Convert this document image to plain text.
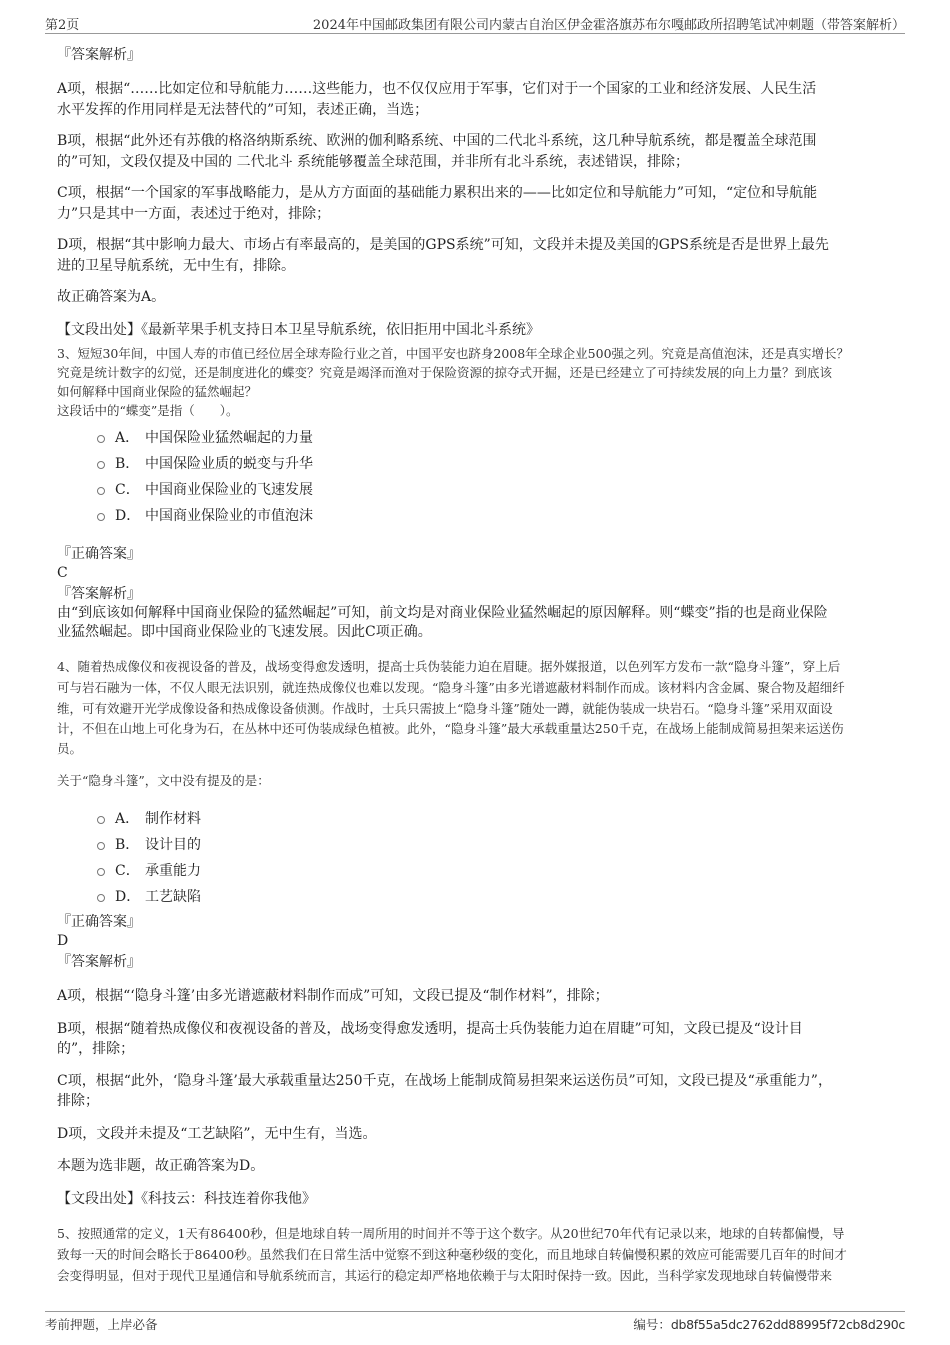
第2页	2024年中国邮政集团有限公司内蒙古自治区伊金霍洛旗苏布尔嘎邮政所招聘笔试冲刺题（带答案解析）
『答案解析』
A项，根据“……比如定位和导航能力……这些能力，也不仅仅应用于军事，它们对于一个国家的工业和经济发展、人民生活
水平发挥的作用同样是无法替代的”可知，表述正确，当选；
B项，根据“此外还有苏俄的格洛纳斯系统、欧洲的伽利略系统、中国的二代北斗系统，这几种导航系统，都是覆盖全球范围
的”可知，文段仅提及中国的 二代北斗 系统能够覆盖全球范围，并非所有北斗系统，表述错误，排除；
C项，根据“一个国家的军事战略能力，是从方方面面的基础能力累积出来的——比如定位和导航能力”可知，“定位和导航能
力”只是其中一方面，表述过于绝对，排除；
D项，根据“其中影响力最大、市场占有率最高的，是美国的GPS系统”可知，文段并未提及美国的GPS系统是否是世界上最先
进的卫星导航系统，无中生有，排除。
故正确答案为A。
【文段出处】《最新苹果手机支持日本卫星导航系统，依旧拒用中国北斗系统》
3、短短30年间，中国人寿的市值已经位居全球寿险行业之首，中国平安也跻身2008年全球企业500强之列。究竟是高值泡沫，还是真实增长？
究竟是统计数字的幻觉，还是制度进化的蝶变？究竟是竭泽而渔对于保险资源的掠夺式开掘，还是已经建立了可持续发展的向上力量？到底该
如何解释中国商业保险的猛然崛起？
这段话中的“蝶变”是指（　　）。
A． 中国保险业猛然崛起的力量
B． 中国保险业质的蜕变与升华
C． 中国商业保险业的飞速发展
D． 中国商业保险业的市值泡沫
『正确答案』
C
『答案解析』
由“到底该如何解释中国商业保险的猛然崛起”可知，前文均是对商业保险业猛然崛起的原因解释。则“蝶变”指的也是商业保险
业猛然崛起。即中国商业保险业的飞速发展。因此C项正确。
4、随着热成像仪和夜视设备的普及，战场变得愈发透明，提高士兵伪装能力迫在眉睫。据外媒报道，以色列军方发布一款“隐身斗篷”，穿上后
可与岩石融为一体，不仅人眼无法识别，就连热成像仪也难以发现。“隐身斗篷”由多光谱遮蔽材料制作而成。该材料内含金属、聚合物及超细纤
维，可有效避开光学成像设备和热成像设备侦测。作战时，士兵只需披上“隐身斗篷”随处一蹲，就能伪装成一块岩石。“隐身斗篷”采用双面设
计，不但在山地上可化身为石，在丛林中还可伪装成绿色植被。此外，“隐身斗篷”最大承载重量达250千克，在战场上能制成简易担架来运送伤
员。
关于“隐身斗篷”，文中没有提及的是：
A． 制作材料
B． 设计目的
C． 承重能力
D． 工艺缺陷
『正确答案』
D
『答案解析』
A项，根据“‘隐身斗篷’由多光谱遮蔽材料制作而成”可知，文段已提及“制作材料”，排除；
B项，根据“随着热成像仪和夜视设备的普及，战场变得愈发透明，提高士兵伪装能力迫在眉睫”可知，文段已提及“设计目
的”，排除；
C项，根据“此外，‘隐身斗篷’最大承载重量达250千克，在战场上能制成简易担架来运送伤员”可知，文段已提及“承重能力”，
排除；
D项，文段并未提及“工艺缺陷”，无中生有，当选。
本题为选非题，故正确答案为D。
【文段出处】《科技云：科技连着你我他》
5、按照通常的定义，1天有86400秒，但是地球自转一周所用的时间并不等于这个数字。从20世纪70年代有记录以来，地球的自转都偏慢，导
致每一天的时间会略长于86400秒。虽然我们在日常生活中觉察不到这种毫秒级的变化，而且地球自转偏慢积累的效应可能需要几百年的时间才
会变得明显，但对于现代卫星通信和导航系统而言，其运行的稳定却严格地依赖于与太阳时保持一致。因此，当科学家发现地球自转偏慢带来
考前押题，上岸必备	编号：db8f55a5dc2762dd88995f72cb8d290c
